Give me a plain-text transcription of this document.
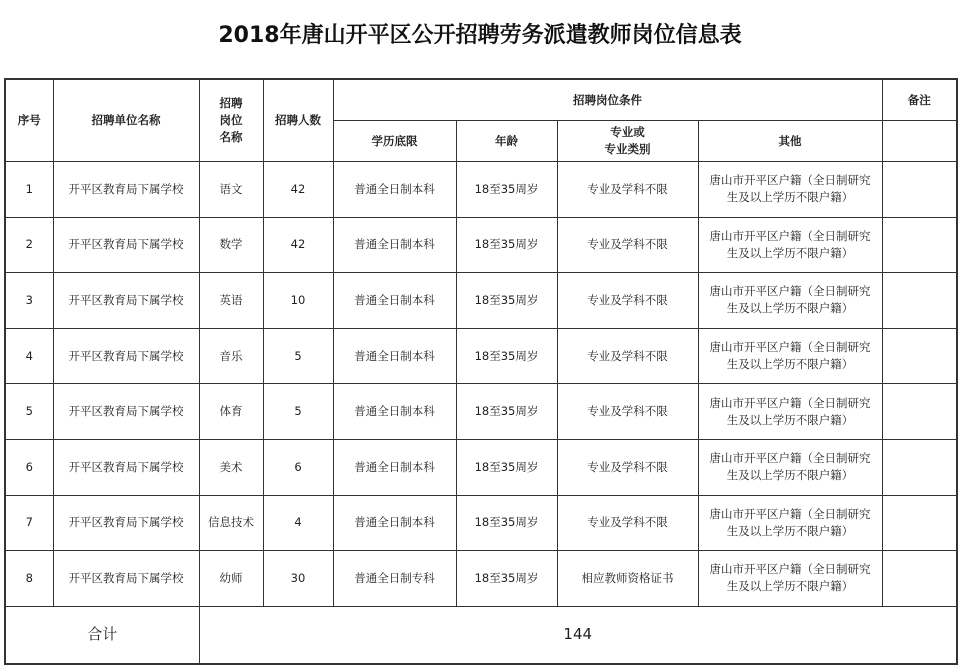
2018年唐山开平区公开招聘劳务派遣教师岗位信息表
序号	招聘单位名称	招聘
岗位
名称	招聘人数	招聘岗位条件				备注
				学历底限	年龄	专业或
专业类别	其他	
1	开平区教育局下属学校	语文	42	普通全日制本科	18至35周岁	专业及学科不限	唐山市开平区户籍（全日制研究
生及以上学历不限户籍）	

2	开平区教育局下属学校	数学	42	普通全日制本科	18至35周岁	专业及学科不限	唐山市开平区户籍（全日制研究
生及以上学历不限户籍）	

3	开平区教育局下属学校	英语	10	普通全日制本科	18至35周岁	专业及学科不限	唐山市开平区户籍（全日制研究
生及以上学历不限户籍）	

4	开平区教育局下属学校	音乐	5	普通全日制本科	18至35周岁	专业及学科不限	唐山市开平区户籍（全日制研究
生及以上学历不限户籍）	

5	开平区教育局下属学校	体育	5	普通全日制本科	18至35周岁	专业及学科不限	唐山市开平区户籍（全日制研究
生及以上学历不限户籍）	

6	开平区教育局下属学校	美术	6	普通全日制本科	18至35周岁	专业及学科不限	唐山市开平区户籍（全日制研究
生及以上学历不限户籍）	

7	开平区教育局下属学校	信息技术	4	普通全日制本科	18至35周岁	专业及学科不限	唐山市开平区户籍（全日制研究
生及以上学历不限户籍）	

8	开平区教育局下属学校	幼师	30	普通全日制专科	18至35周岁	相应教师资格证书	唐山市开平区户籍（全日制研究
生及以上学历不限户籍）	

合计		144						
